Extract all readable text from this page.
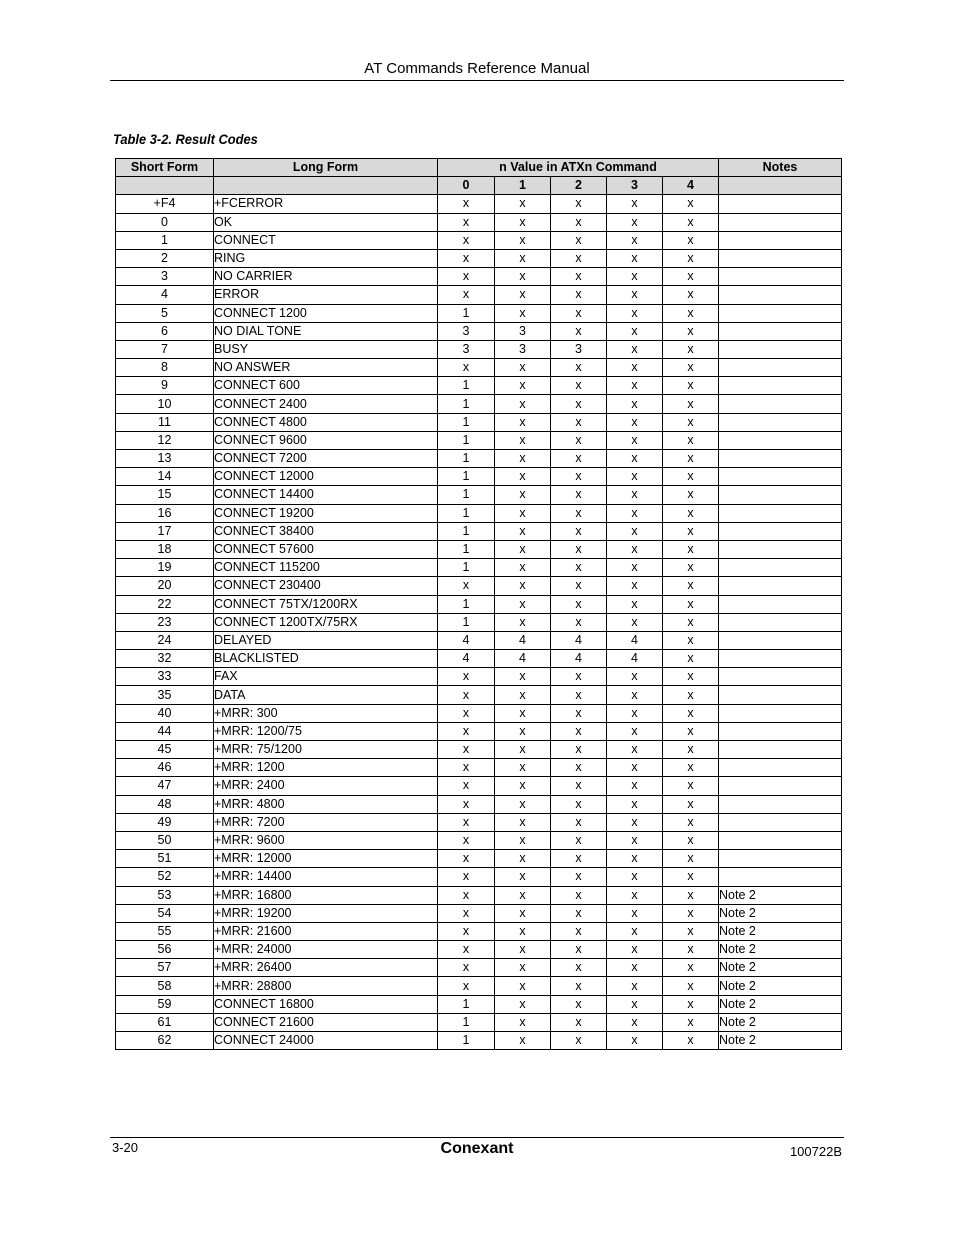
AT Commands Reference Manual
Table 3-2. Result Codes
Short Form	Long Form	n Value in ATXn Command					Notes
		0	1	2	3	4	
+F4	+FCERROR	x	x	x	x	x	
0	OK	x	x	x	x	x	
1	CONNECT	x	x	x	x	x	
2	RING	x	x	x	x	x	
3	NO CARRIER	x	x	x	x	x	
4	ERROR	x	x	x	x	x	
5	CONNECT 1200	1	x	x	x	x	
6	NO DIAL TONE	3	3	x	x	x	
7	BUSY	3	3	3	x	x	
8	NO ANSWER	x	x	x	x	x	
9	CONNECT 600	1	x	x	x	x	
10	CONNECT 2400	1	x	x	x	x	
11	CONNECT 4800	1	x	x	x	x	
12	CONNECT 9600	1	x	x	x	x	
13	CONNECT 7200	1	x	x	x	x	
14	CONNECT 12000	1	x	x	x	x	
15	CONNECT 14400	1	x	x	x	x	
16	CONNECT 19200	1	x	x	x	x	
17	CONNECT 38400	1	x	x	x	x	
18	CONNECT 57600	1	x	x	x	x	
19	CONNECT 115200	1	x	x	x	x	
20	CONNECT 230400	x	x	x	x	x	
22	CONNECT 75TX/1200RX	1	x	x	x	x	
23	CONNECT 1200TX/75RX	1	x	x	x	x	
24	DELAYED	4	4	4	4	x	
32	BLACKLISTED	4	4	4	4	x	
33	FAX	x	x	x	x	x	
35	DATA	x	x	x	x	x	
40	+MRR: 300	x	x	x	x	x	
44	+MRR: 1200/75	x	x	x	x	x	
45	+MRR: 75/1200	x	x	x	x	x	
46	+MRR: 1200	x	x	x	x	x	
47	+MRR: 2400	x	x	x	x	x	
48	+MRR: 4800	x	x	x	x	x	
49	+MRR: 7200	x	x	x	x	x	
50	+MRR: 9600	x	x	x	x	x	
51	+MRR: 12000	x	x	x	x	x	
52	+MRR: 14400	x	x	x	x	x	
53	+MRR: 16800	x	x	x	x	x	Note 2
54	+MRR: 19200	x	x	x	x	x	Note 2
55	+MRR: 21600	x	x	x	x	x	Note 2
56	+MRR: 24000	x	x	x	x	x	Note 2
57	+MRR: 26400	x	x	x	x	x	Note 2
58	+MRR: 28800	x	x	x	x	x	Note 2
59	CONNECT 16800	1	x	x	x	x	Note 2
61	CONNECT 21600	1	x	x	x	x	Note 2
62	CONNECT 24000	1	x	x	x	x	Note 2
3-20	Conexant	100722B
